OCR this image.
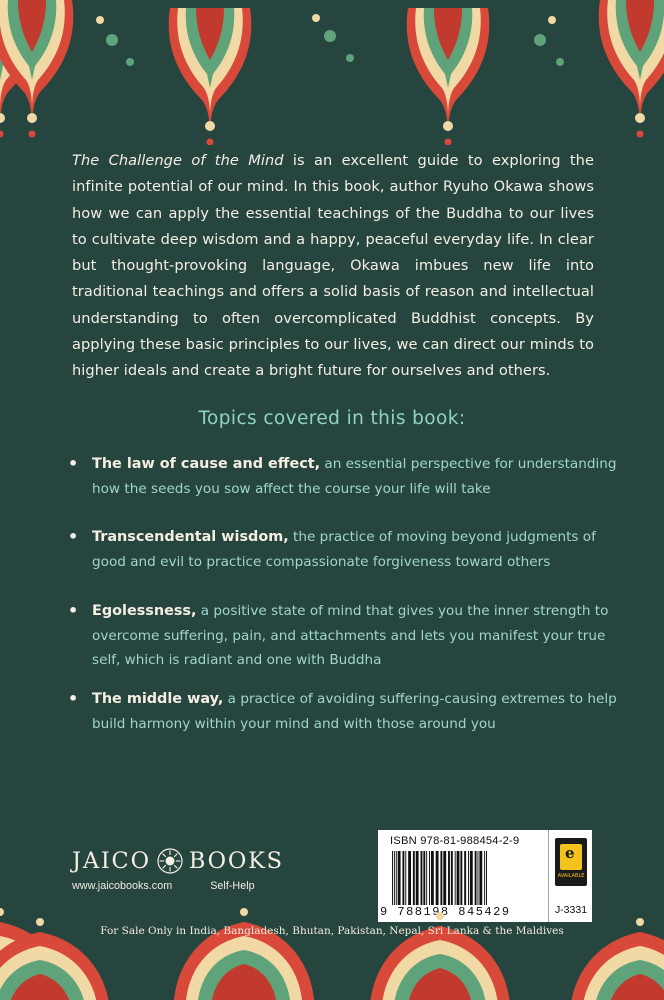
The Challenge of the Mind is an excellent guide to exploring the infinite potential of our mind. In this book, author Ryuho Okawa shows how we can apply the essential teachings of the Buddha to our lives to cultivate deep wisdom and a happy, peaceful everyday life. In clear but thought-provoking language, Okawa imbues new life into traditional teachings and offers a solid basis of reason and intellectual understanding to often overcomplicated Buddhist concepts. By applying these basic principles to our lives, we can direct our minds to higher ideals and create a bright future for ourselves and others.

Topics covered in this book:
• The law of cause and effect, an essential perspective for understanding how the seeds you sow affect the course your life will take
• Transcendental wisdom, the practice of moving beyond judgments of good and evil to practice compassionate forgiveness toward others
• Egolessness, a positive state of mind that gives you the inner strength to overcome suffering, pain, and attachments and lets you manifest your true self, which is radiant and one with Buddha
• The middle way, a practice of avoiding suffering-causing extremes to help build harmony within your mind and with those around you
JAICO BOOKS
www.jaicobooks.com	Self-Help
ISBN 978-81-988454-2-9
9 788198 845429
e
AVAILABLE
J-3331
For Sale Only in India, Bangladesh, Bhutan, Pakistan, Nepal, Sri Lanka & the Maldives
